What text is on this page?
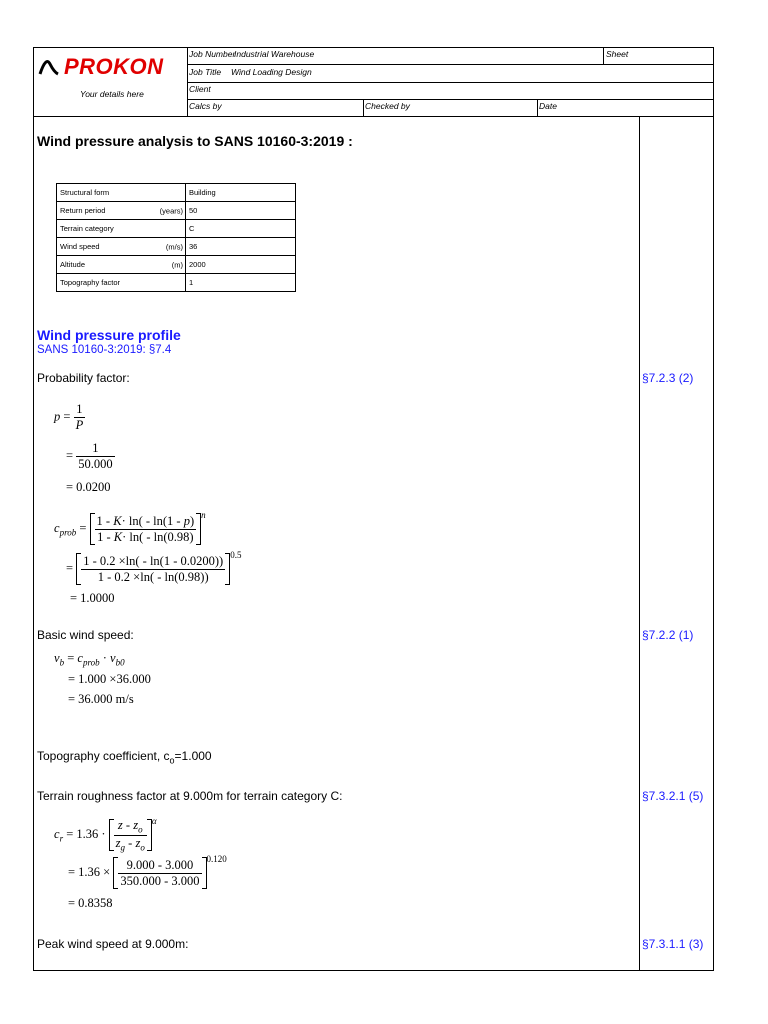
PROKON
Your details here
Job Number
Industrial Warehouse	Sheet
Job Title Wind Loading Design
Client
Calcs by	Checked by	Date
Wind pressure analysis to SANS 10160-3:2019 :
Structural form	Building
Return period (years)	50
Terrain category	C
Wind speed (m/s)	36
Altitude (m)	2000
Topography factor	1
Wind pressure profile
SANS 10160-3:2019: §7.4
Probability factor:	§7.2.3 (2)
$p = \frac{1}{P}$
= $\frac{1}{50.000}$
= 0.0200
$c_{prob} = \frac{1 - K\cdot \ln( - \ln(1 - p)}{1 - K\cdot \ln( - \ln(0.98)} ^n$
= $\frac{1 - 0.2 \times\ln( - \ln(1 - 0.0200))}{1 - 0.2 \times\ln( - \ln(0.98))} ^{0.5}$
= 1.0000
Basic wind speed:	§7.2.2 (1)
$v_b = c_{prob} \cdot v_{b0}$
= 1.000 ×36.000
= 36.000 m/s
Topography coefficient, $c_o=1.000$
Terrain roughness factor at 9.000m for terrain category C:	§7.3.2.1 (5)
$c_r = 1.36 \cdot \frac{z - z_o}{z_g - z_o} ^\alpha$
= $1.36 \times \frac{9.000 - 3.000}{350.000 - 3.000} ^{0.120}$
= 0.8358
Peak wind speed at 9.000m:	§7.3.1.1 (3)
